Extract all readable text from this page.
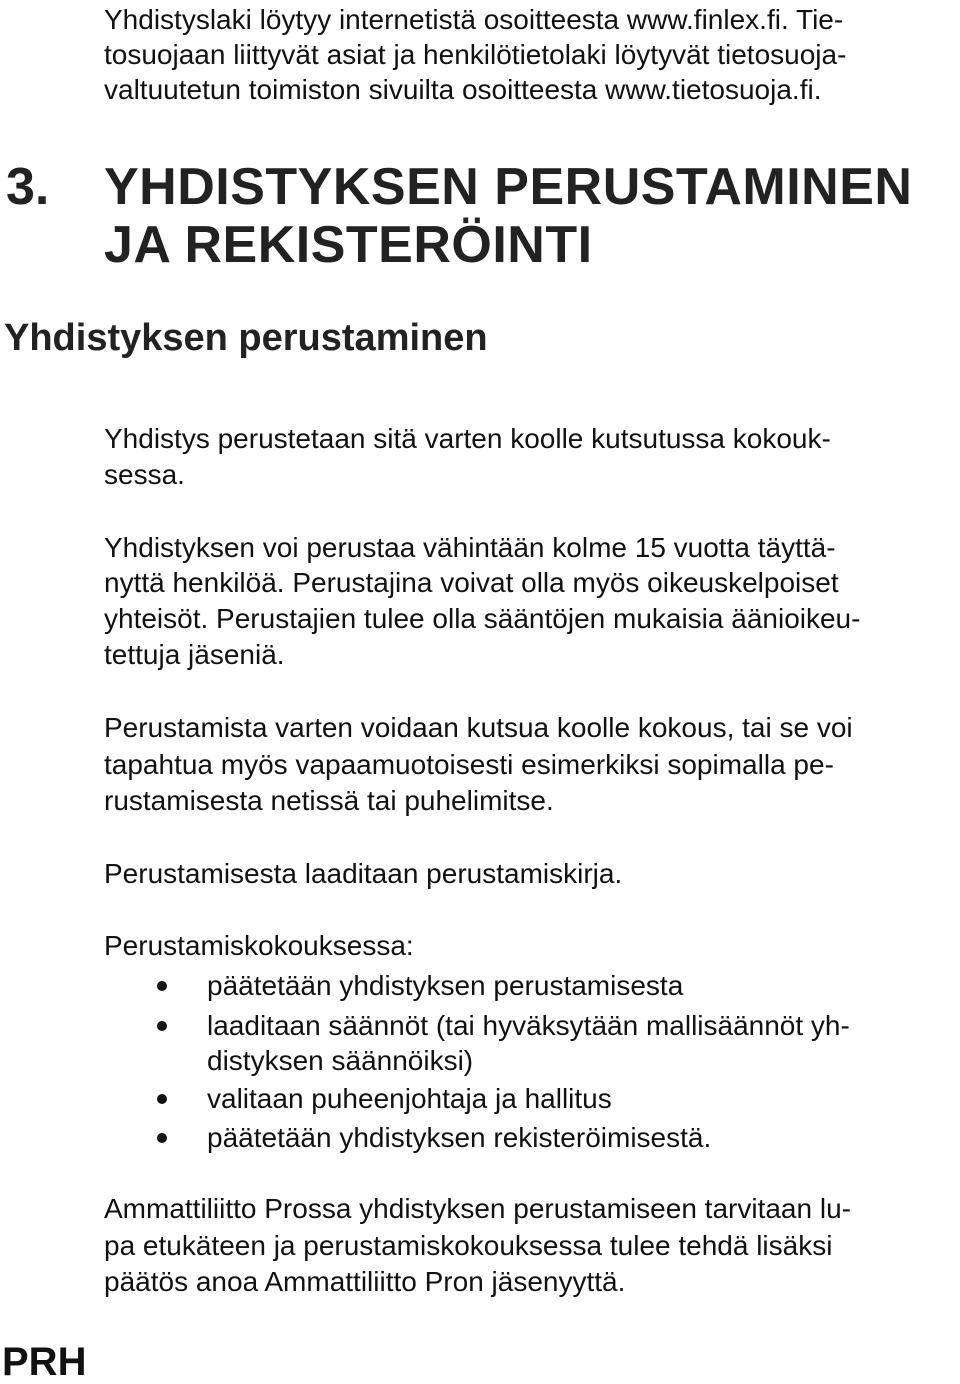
Yhdistyslaki löytyy internetistä osoitteesta www.finlex.fi. Tie-
tosuojaan liittyvät asiat ja henkilötietolaki löytyvät tietosuoja-
valtuutetun toimiston sivuilta osoitteesta www.tietosuoja.fi.
3. YHDISTYKSEN PERUSTAMINEN
JA REKISTERÖINTI
Yhdistyksen perustaminen
Yhdistys perustetaan sitä varten koolle kutsutussa kokouk-
sessa.
Yhdistyksen voi perustaa vähintään kolme 15 vuotta täyttä-
nyttä henkilöä. Perustajina voivat olla myös oikeuskelpoiset
yhteisöt. Perustajien tulee olla sääntöjen mukaisia äänioikeu-
tettuja jäseniä.
Perustamista varten voidaan kutsua koolle kokous, tai se voi
tapahtua myös vapaamuotoisesti esimerkiksi sopimalla pe-
rustamisesta netissä tai puhelimitse.
Perustamisesta laaditaan perustamiskirja.
Perustamiskokouksessa:
päätetään yhdistyksen perustamisesta
laaditaan säännöt (tai hyväksytään mallisäännöt yh-
distyksen säännöiksi)
valitaan puheenjohtaja ja hallitus
päätetään yhdistyksen rekisteröimisestä.
Ammattiliitto Prossa yhdistyksen perustamiseen tarvitaan lu-
pa etukäteen ja perustamiskokouksessa tulee tehdä lisäksi
päätös anoa Ammattiliitto Pron jäsenyyttä.
PRH
